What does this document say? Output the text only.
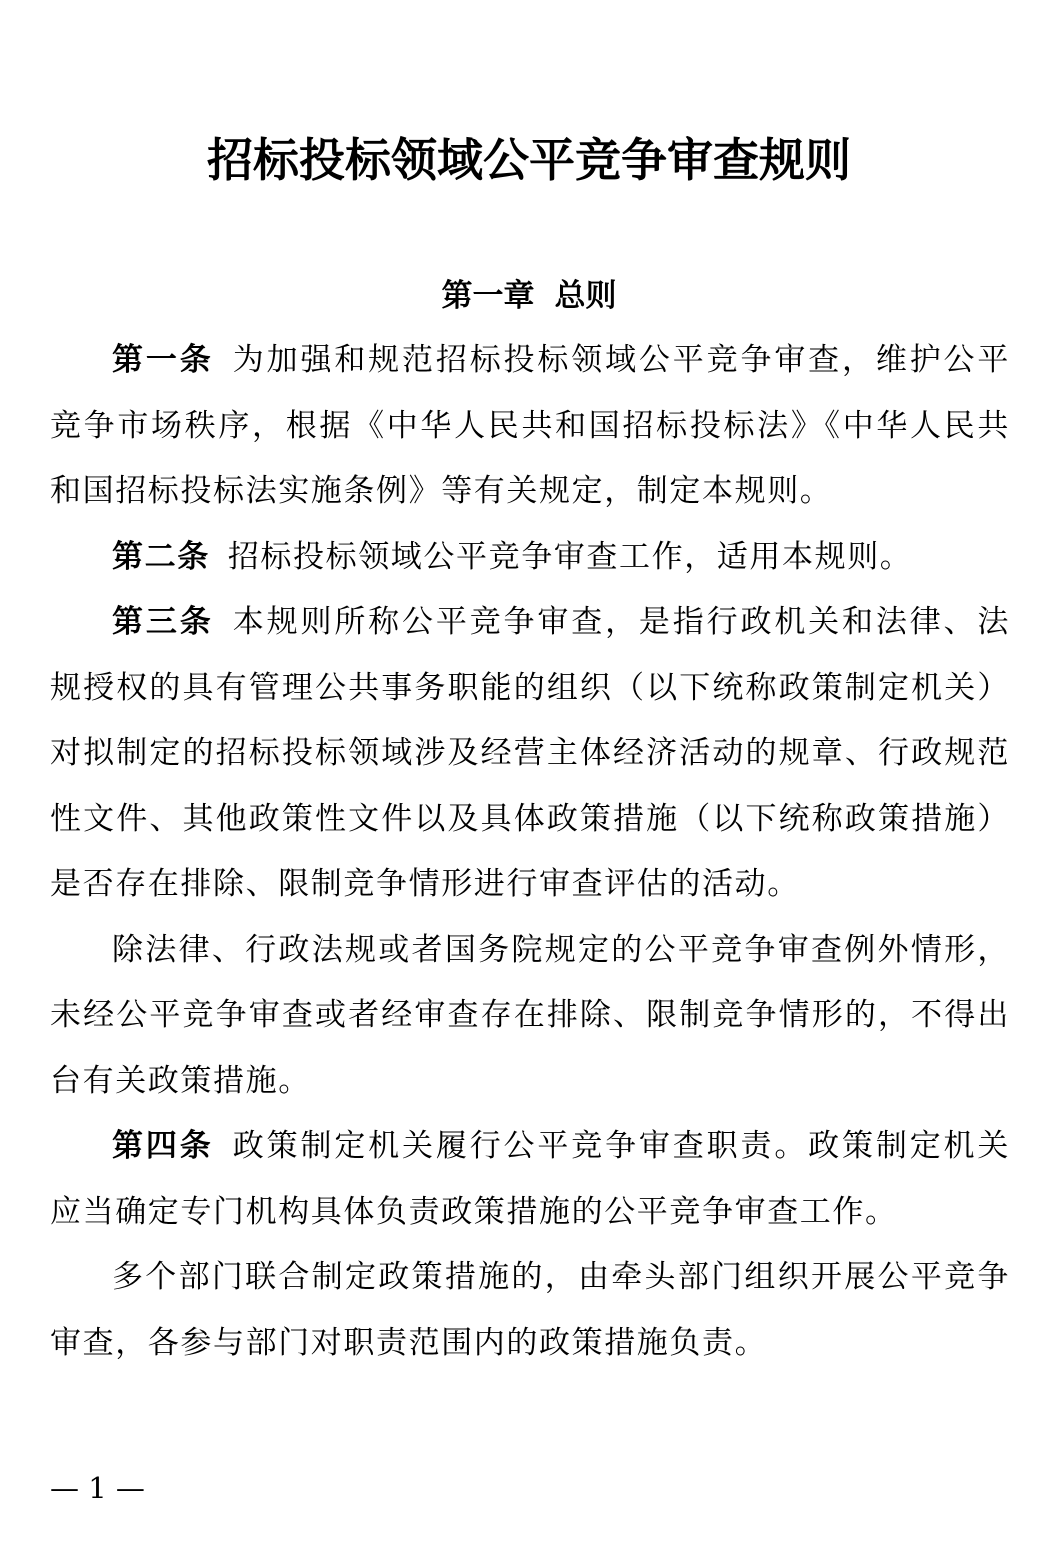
招标投标领域公平竞争审查规则
第一章 总则

第一条 为加强和规范招标投标领域公平竞争审查，维护公平竞争市场秩序，根据《中华人民共和国招标投标法》《中华人民共和国招标投标法实施条例》等有关规定，制定本规则。

第二条 招标投标领域公平竞争审查工作，适用本规则。

第三条 本规则所称公平竞争审查，是指行政机关和法律、法规授权的具有管理公共事务职能的组织（以下统称政策制定机关）对拟制定的招标投标领域涉及经营主体经济活动的规章、行政规范性文件、其他政策性文件以及具体政策措施（以下统称政策措施）是否存在排除、限制竞争情形进行审查评估的活动。

除法律、行政法规或者国务院规定的公平竞争审查例外情形，未经公平竞争审查或者经审查存在排除、限制竞争情形的，不得出台有关政策措施。

第四条 政策制定机关履行公平竞争审查职责。政策制定机关应当确定专门机构具体负责政策措施的公平竞争审查工作。

多个部门联合制定政策措施的，由牵头部门组织开展公平竞争审查，各参与部门对职责范围内的政策措施负责。

— 1 —
